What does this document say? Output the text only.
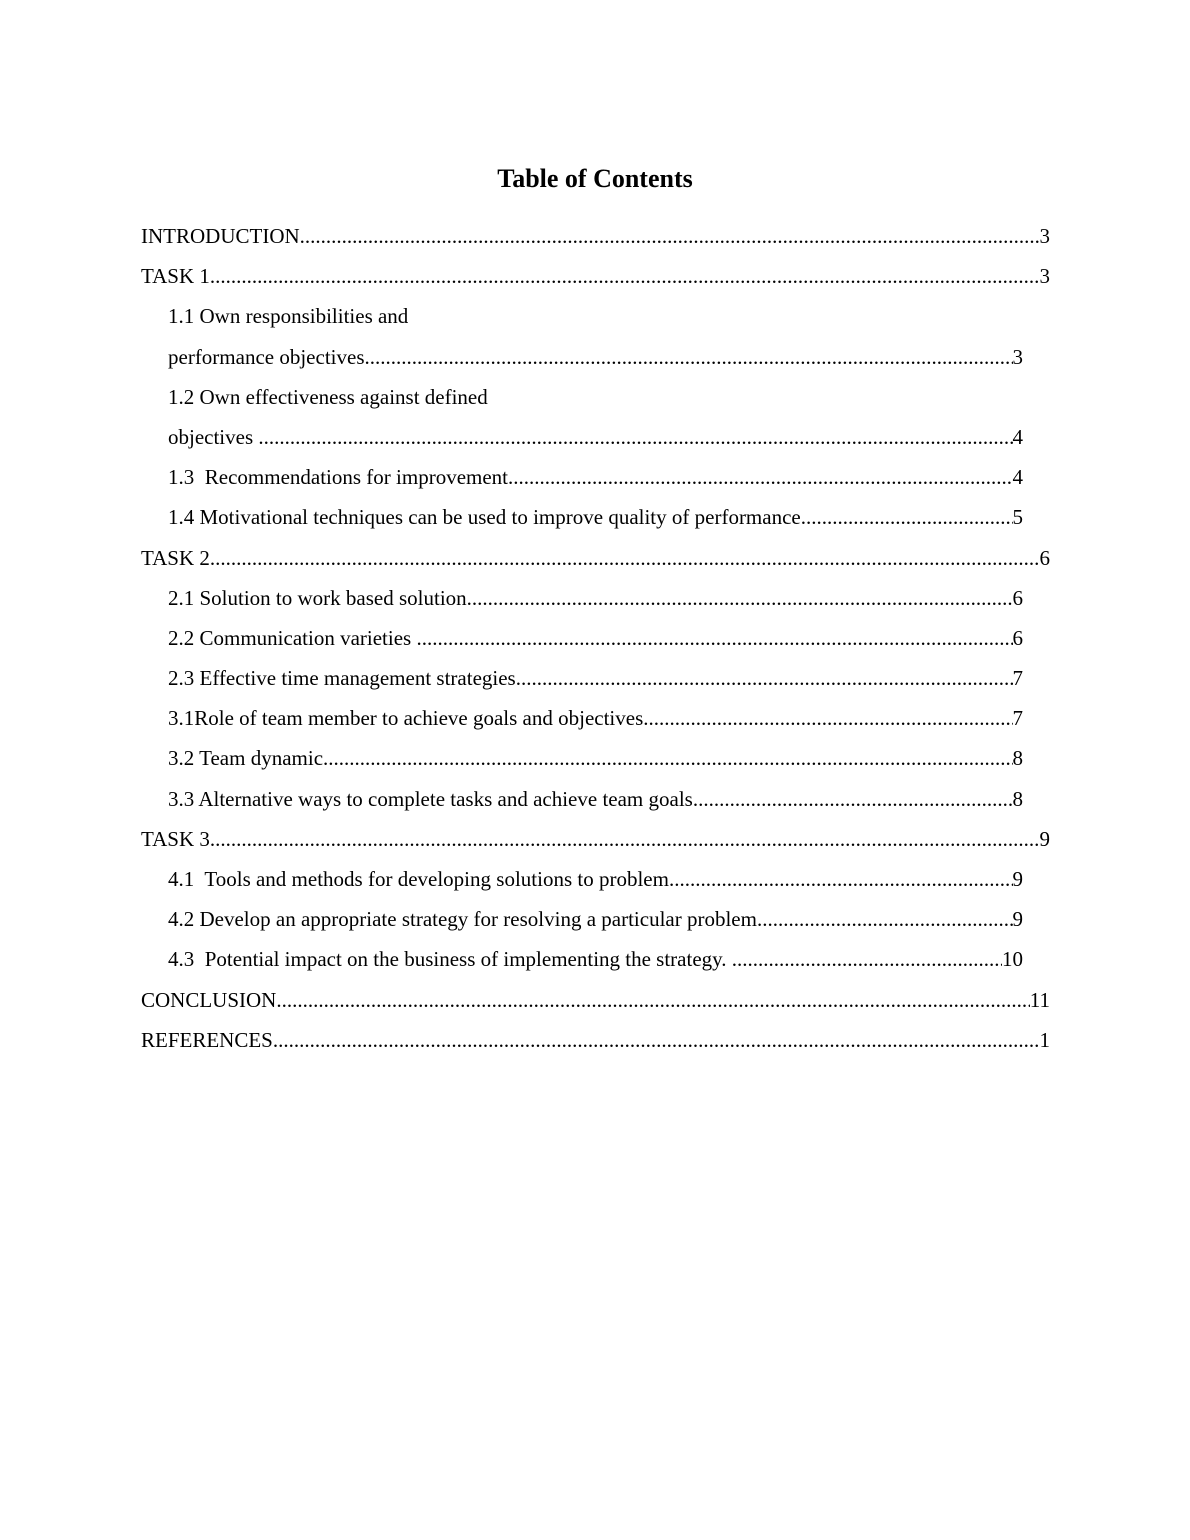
Table of Contents
INTRODUCTION .....	3
TASK 1 .....	3
1.1 Own responsibilities and
performance objectives .....	3
1.2 Own effectiveness against defined
objectives .....	4
1.3  Recommendations for improvement .....	4
1.4 Motivational techniques can be used to improve quality of performance .....	5
TASK 2 .....	6
2.1 Solution to work based solution .....	6
2.2 Communication varieties .....	6
2.3 Effective time management strategies .....	7
3.1Role of team member to achieve goals and objectives .....	7
3.2 Team dynamic .....	8
3.3 Alternative ways to complete tasks and achieve team goals .....	8
TASK 3 .....	9
4.1  Tools and methods for developing solutions to problem .....	9
4.2 Develop an appropriate strategy for resolving a particular problem .....	9
4.3  Potential impact on the business of implementing the strategy. .....	10
CONCLUSION .....	11
REFERENCES .....	1
